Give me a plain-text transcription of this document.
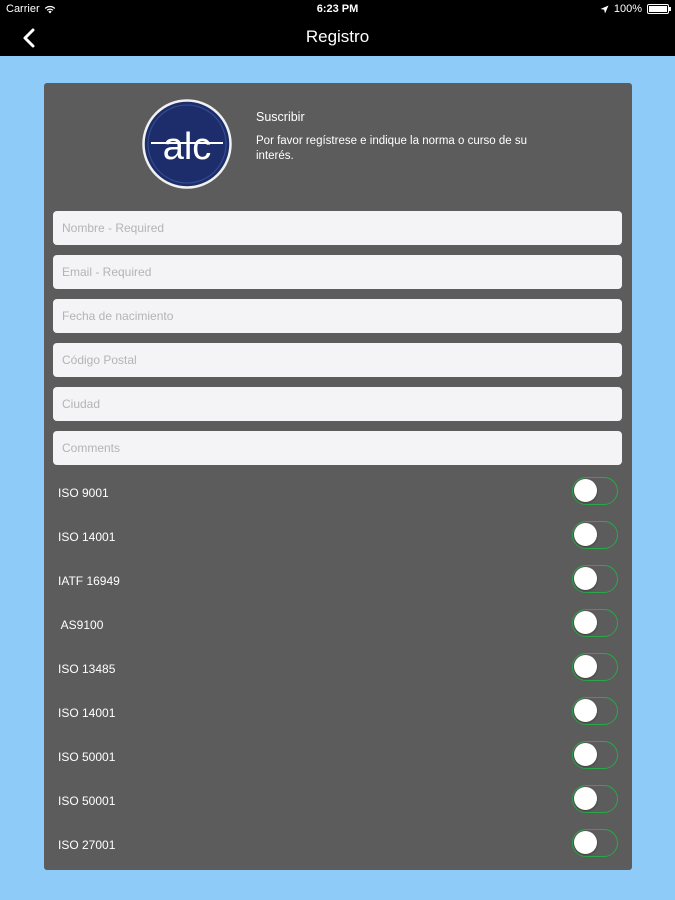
Carrier	6:23 PM	100%
Registro
alc
Suscribir
Por favor regístrese e indique la norma o curso de su interés.
Nombre - Required
Email - Required
Fecha de nacimiento
Código Postal
Ciudad
Comments
ISO 9001
ISO 14001
IATF 16949
AS9100
ISO 13485
ISO 14001
ISO 50001
ISO 50001
ISO 27001
